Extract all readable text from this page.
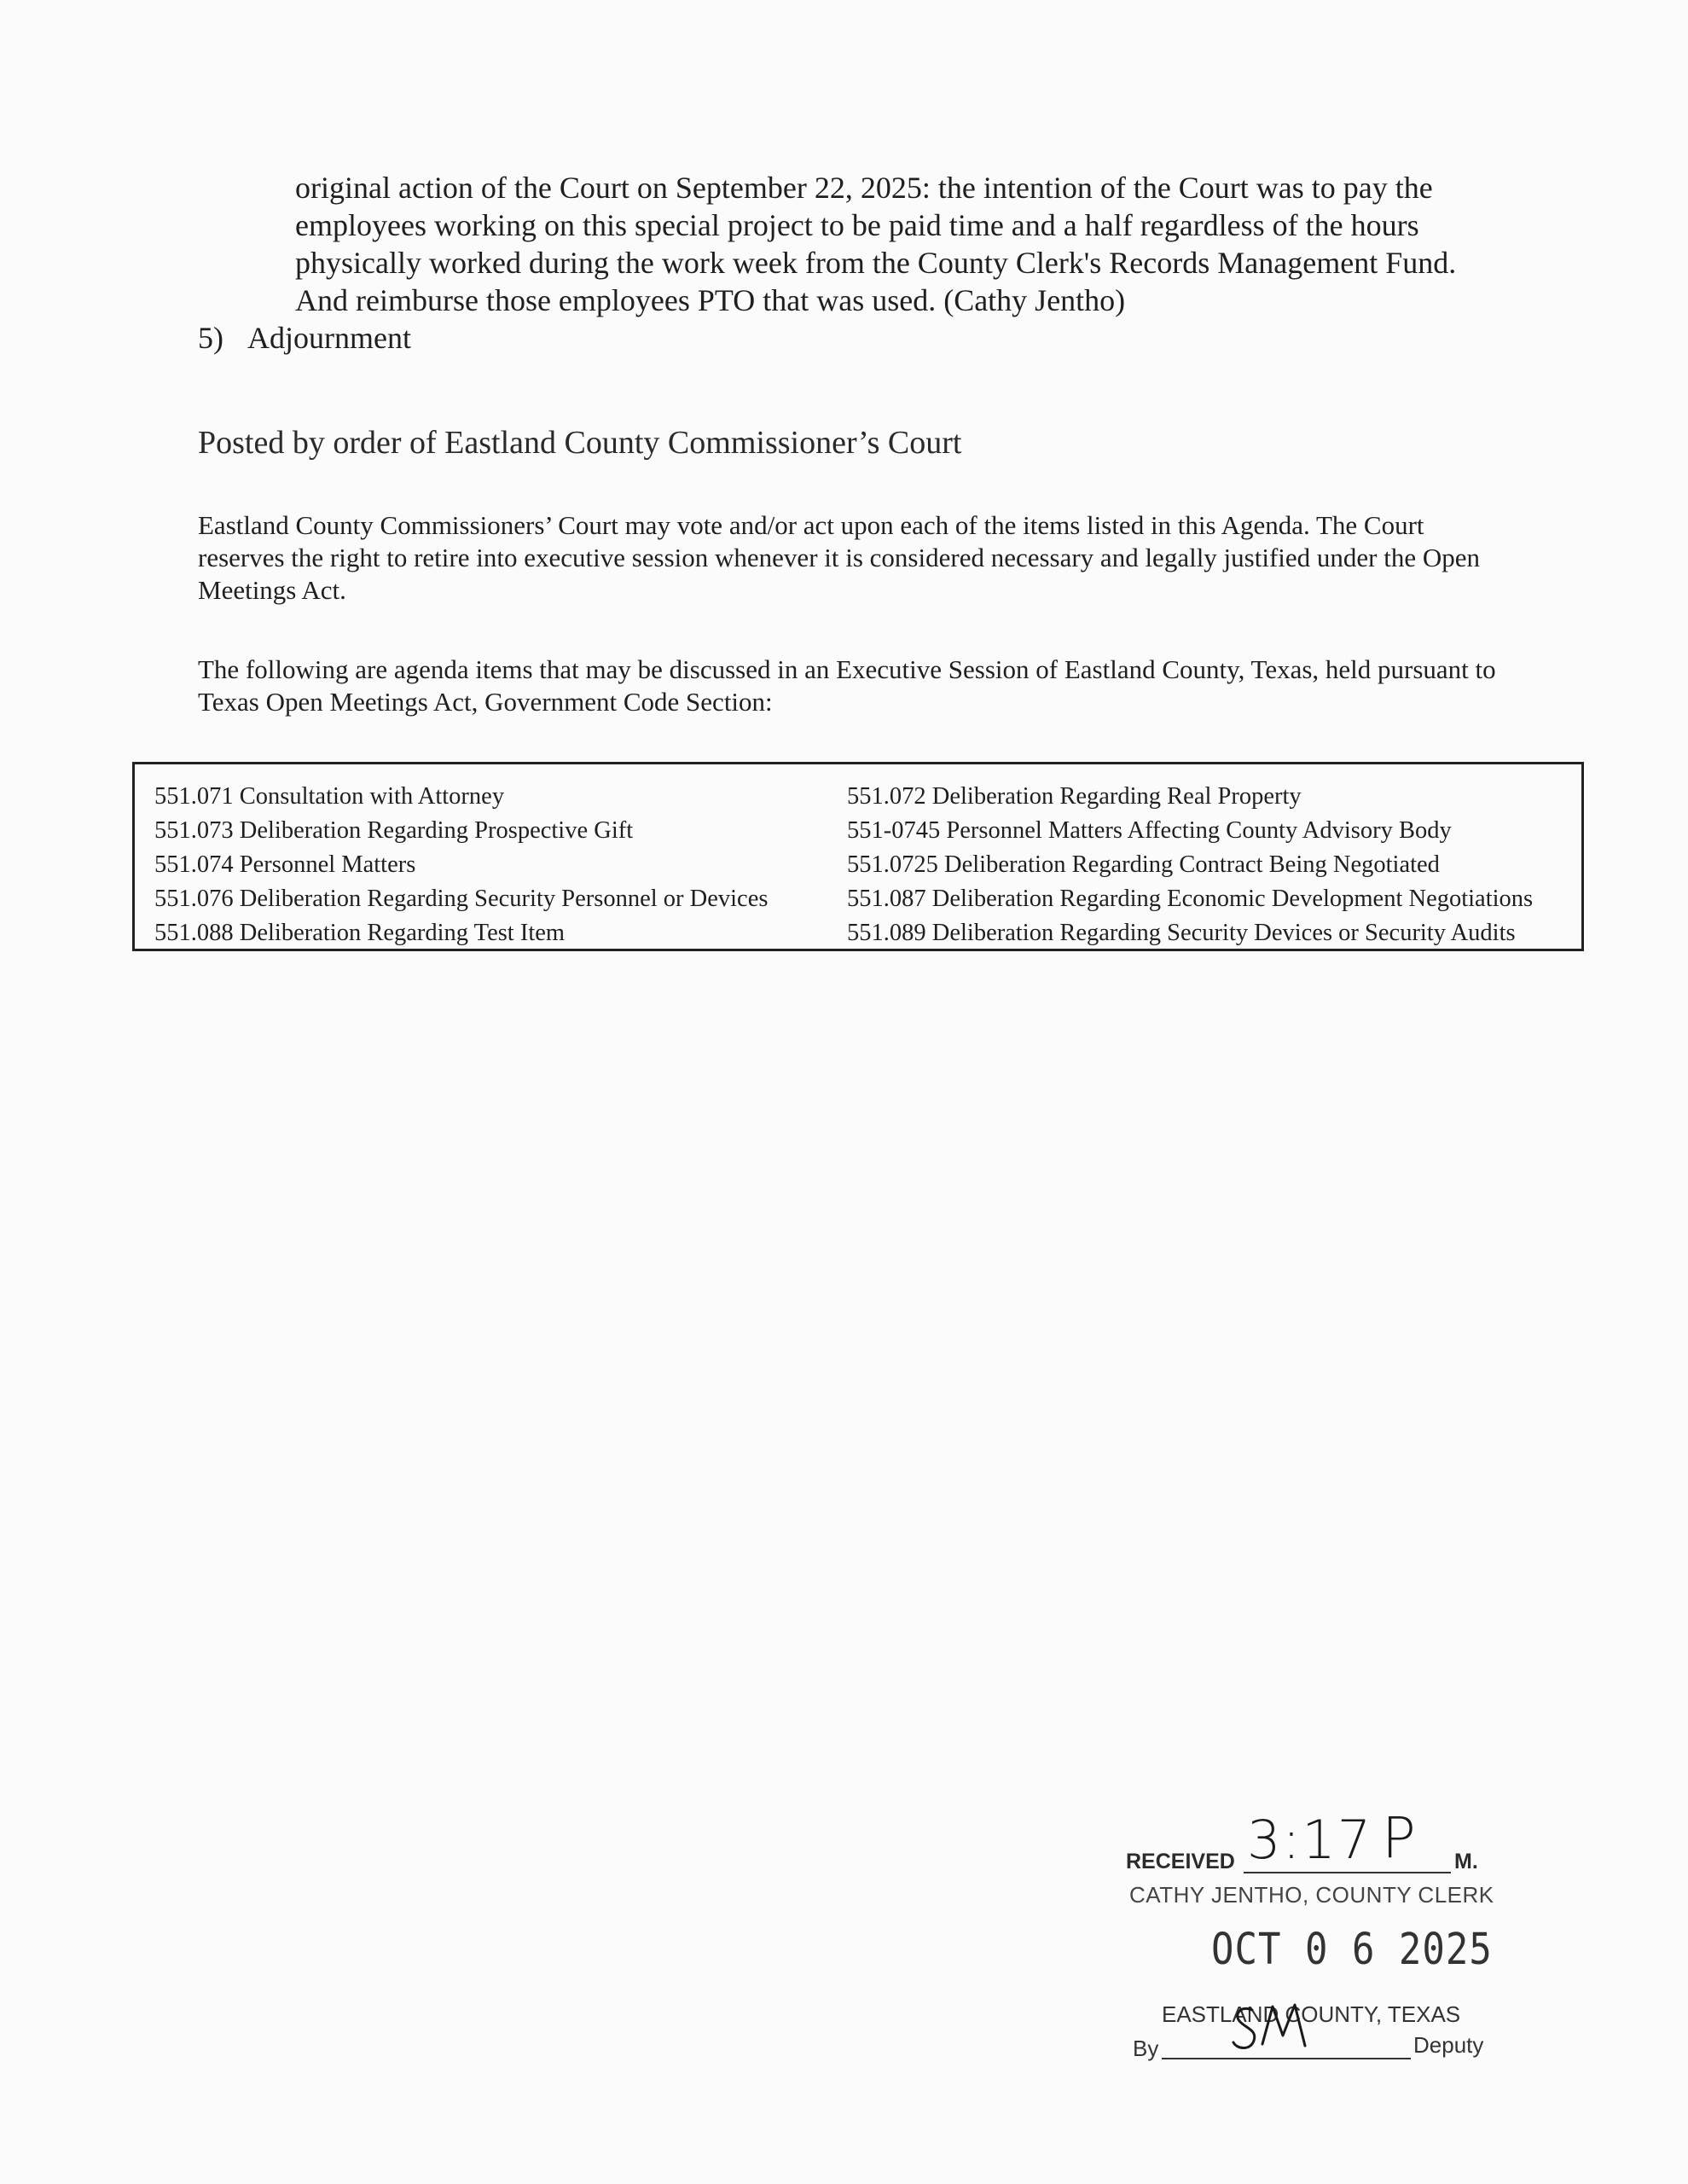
original action of the Court on September 22, 2025: the intention of the Court was to pay the

employees working on this special project to be paid time and a half regardless of the hours

physically worked during the work week from the County Clerk's Records Management Fund.

And reimburse those employees PTO that was used. (Cathy Jentho)

5) Adjournment
Posted by order of Eastland County Commissioner’s Court

Eastland County Commissioners’ Court may vote and/or act upon each of the items listed in this Agenda. The Court reserves the right to retire into executive session whenever it is considered necessary and legally justified under the Open Meetings Act.

The following are agenda items that may be discussed in an Executive Session of Eastland County, Texas, held pursuant to Texas Open Meetings Act, Government Code Section:

551.071 Consultation with Attorney
551.073 Deliberation Regarding Prospective Gift
551.074 Personnel Matters
551.076 Deliberation Regarding Security Personnel or Devices
551.088 Deliberation Regarding Test Item
551.072 Deliberation Regarding Real Property
551-0745 Personnel Matters Affecting County Advisory Body
551.0725 Deliberation Regarding Contract Being Negotiated
551.087 Deliberation Regarding Economic Development Negotiations
551.089 Deliberation Regarding Security Devices or Security Audits
RECEIVED 3:17 P M.
CATHY JENTHO, COUNTY CLERK
OCT 0 6 2025
EASTLAND COUNTY, TEXAS
By	Deputy
